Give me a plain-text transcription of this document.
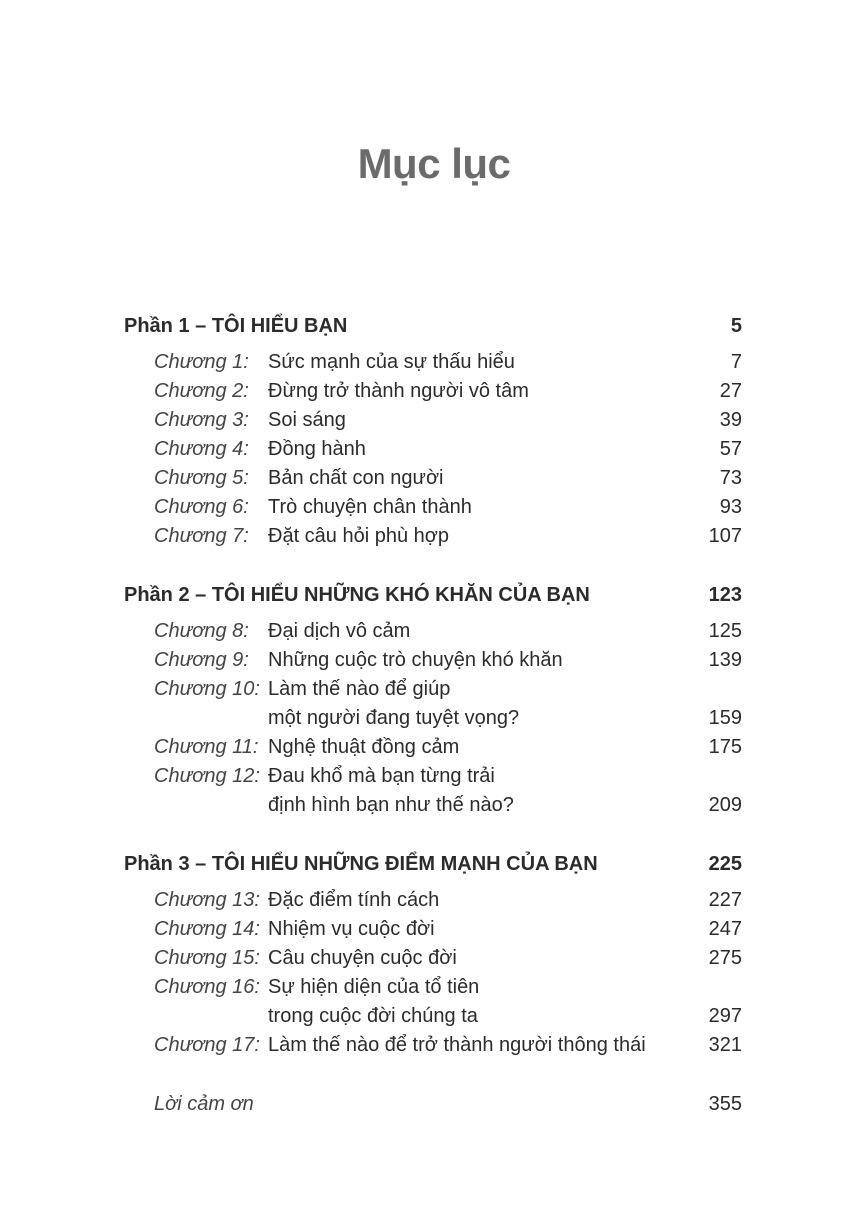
Mục lục
Phần 1 – TÔI HIỂU BẠN	5
Chương 1: Sức mạnh của sự thấu hiểu	7
Chương 2: Đừng trở thành người vô tâm	27
Chương 3: Soi sáng	39
Chương 4: Đồng hành	57
Chương 5: Bản chất con người	73
Chương 6: Trò chuyện chân thành	93
Chương 7: Đặt câu hỏi phù hợp	107
Phần 2 – TÔI HIỂU NHỮNG KHÓ KHĂN CỦA BẠN	123
Chương 8: Đại dịch vô cảm	125
Chương 9: Những cuộc trò chuyện khó khăn	139
Chương 10: Làm thế nào để giúp
một người đang tuyệt vọng?	159
Chương 11: Nghệ thuật đồng cảm	175
Chương 12: Đau khổ mà bạn từng trải
định hình bạn như thế nào?	209
Phần 3 – TÔI HIỂU NHỮNG ĐIỂM MẠNH CỦA BẠN	225
Chương 13: Đặc điểm tính cách	227
Chương 14: Nhiệm vụ cuộc đời	247
Chương 15: Câu chuyện cuộc đời	275
Chương 16: Sự hiện diện của tổ tiên
trong cuộc đời chúng ta	297
Chương 17: Làm thế nào để trở thành người thông thái	321
Lời cảm ơn	355
